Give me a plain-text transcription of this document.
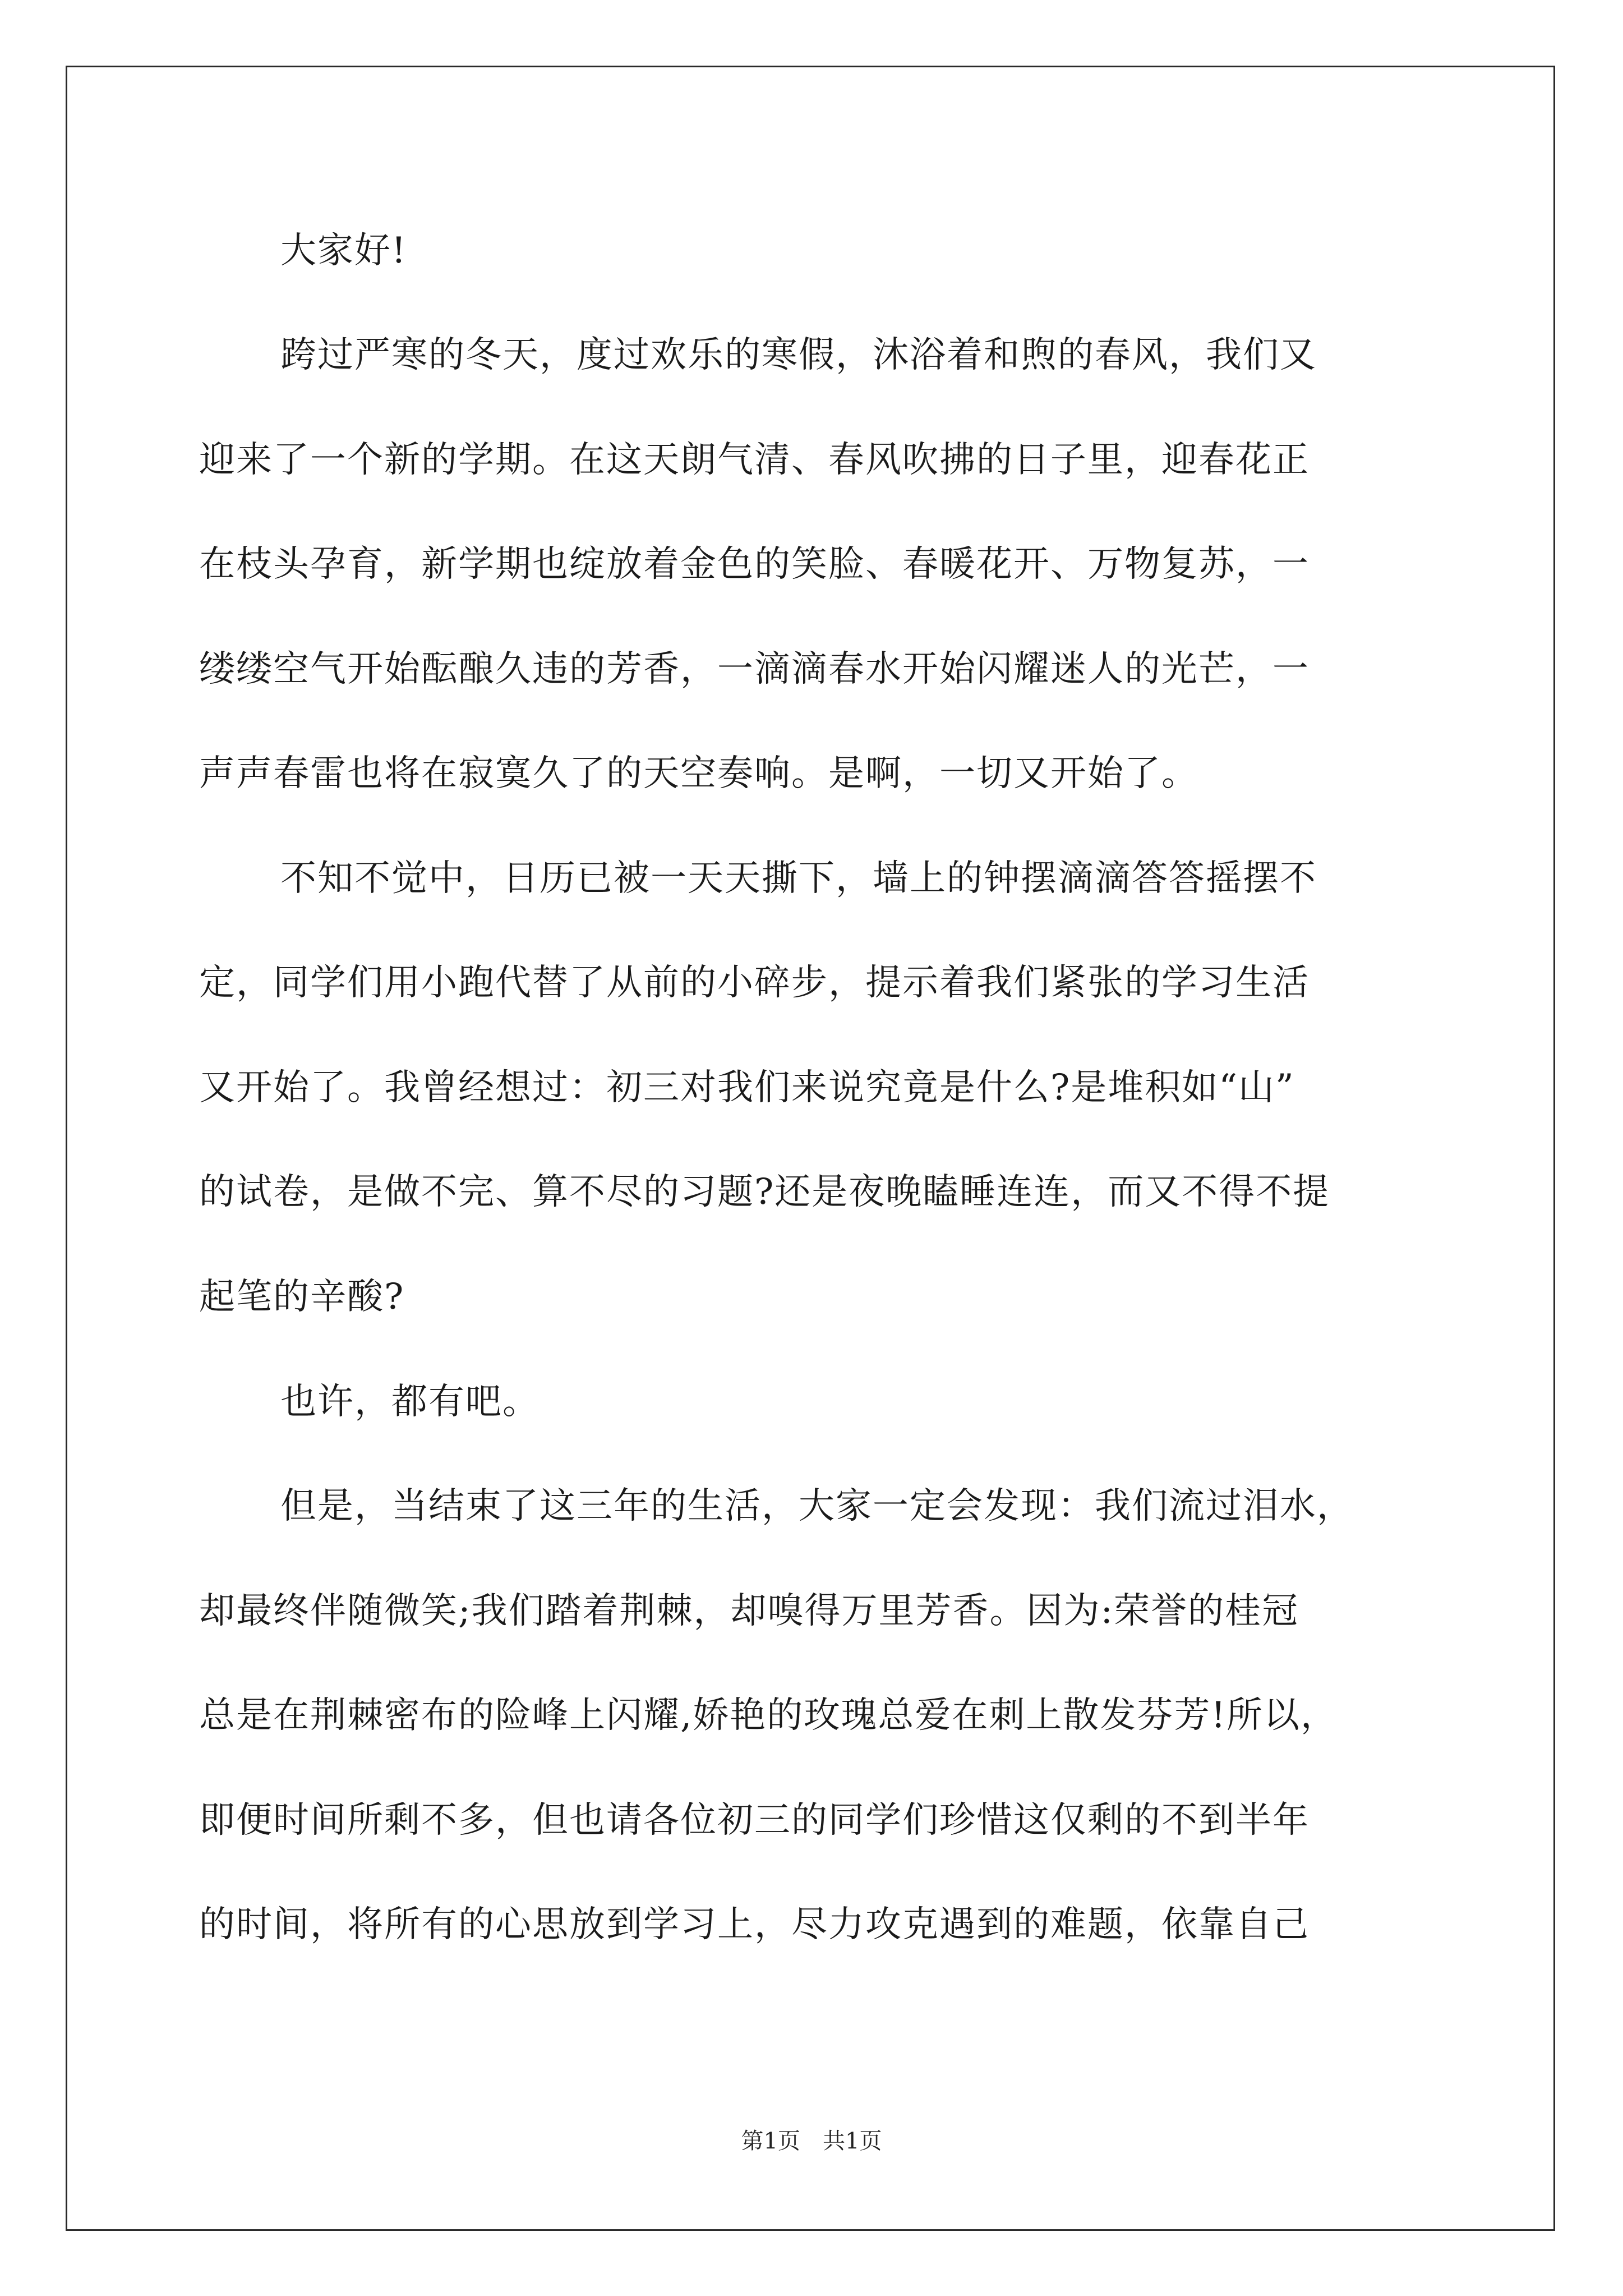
大家好!
跨过严寒的冬天，度过欢乐的寒假，沐浴着和煦的春风，我们又
迎来了一个新的学期。在这天朗气清、春风吹拂的日子里，迎春花正
在枝头孕育，新学期也绽放着金色的笑脸、春暖花开、万物复苏，一
缕缕空气开始酝酿久违的芳香，一滴滴春水开始闪耀迷人的光芒，一
声声春雷也将在寂寞久了的天空奏响。是啊，一切又开始了。
不知不觉中，日历已被一天天撕下，墙上的钟摆滴滴答答摇摆不
定，同学们用小跑代替了从前的小碎步，提示着我们紧张的学习生活
又开始了。我曾经想过：初三对我们来说究竟是什么?是堆积如“山”
的试卷，是做不完、算不尽的习题?还是夜晚瞌睡连连，而又不得不提
起笔的辛酸?
也许，都有吧。
但是，当结束了这三年的生活，大家一定会发现：我们流过泪水，
却最终伴随微笑;我们踏着荆棘，却嗅得万里芳香。因为:荣誉的桂冠
总是在荆棘密布的险峰上闪耀,娇艳的玫瑰总爱在刺上散发芬芳!所以，
即便时间所剩不多，但也请各位初三的同学们珍惜这仅剩的不到半年
的时间，将所有的心思放到学习上，尽力攻克遇到的难题，依靠自己
第1页　共1页
